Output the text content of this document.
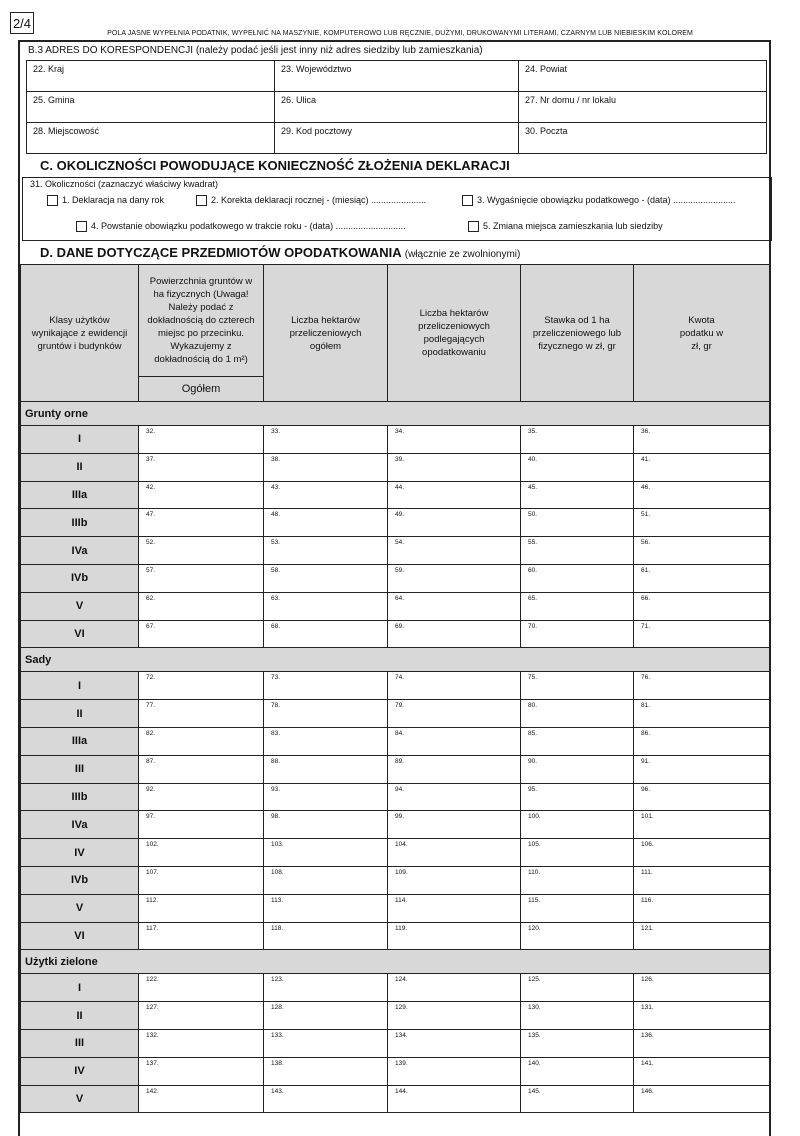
2/4
POLA JASNE WYPEŁNIA PODATNIK, WYPEŁNIĆ NA MASZYNIE, KOMPUTEROWO LUB RĘCZNIE, DUŻYMI, DRUKOWANYMI LITERAMI, CZARNYM LUB NIEBIESKIM KOLOREM
B.3 ADRES DO KORESPONDENCJI (należy podać jeśli jest inny niż adres siedziby lub zamieszkania)
22. Kraj	23. Województwo	24. Powiat
25. Gmina	26. Ulica	27. Nr domu / nr lokalu
28. Miejscowość	29. Kod pocztowy	30. Poczta
C. OKOLICZNOŚCI POWODUJĄCE KONIECZNOŚĆ ZŁOŻENIA DEKLARACJI
31. Okoliczności (zaznaczyć właściwy kwadrat)
1. Deklaracja na dany rok	2. Korekta deklaracji rocznej - (miesiąc) ......................	3. Wygaśnięcie obowiązku podatkowego - (data) .........................
4. Powstanie obowiązku podatkowego w trakcie roku - (data) ............................	5. Zmiana miejsca zamieszkania lub siedziby
D. DANE DOTYCZĄCE PRZEDMIOTÓW OPODATKOWANIA (włącznie ze zwolnionymi)
Klasy użytków wynikające z ewidencji gruntów i budynków	Powierzchnia gruntów w ha fizycznych (Uwaga! Należy podać z dokładnością do czterech miejsc po przecinku. Wykazujemy z dokładnością do 1 m²)	Liczba hektarów przeliczeniowych ogółem	Liczba hektarów przeliczeniowych podlegających opodatkowaniu	Stawka od 1 ha przeliczeniowego lub fizycznego w zł, gr	Kwota podatku w zł, gr
	Ogółem				
Grunty orne					
I	32.	33.	34.	35.	36.
II	37.	38.	39.	40.	41.
IIIa	42.	43.	44.	45.	46.
IIIb	47.	48.	49.	50.	51.
IVa	52.	53.	54.	55.	56.
IVb	57.	58.	59.	60.	61.
V	62.	63.	64.	65.	66.
VI	67.	68.	69.	70.	71.
Sady					
I	72.	73.	74.	75.	76.
II	77.	78.	79.	80.	81.
IIIa	82.	83.	84.	85.	86.
III	87.	88.	89.	90.	91.
IIIb	92.	93.	94.	95.	96.
IVa	97.	98.	99.	100.	101.
IV	102.	103.	104.	105.	106.
IVb	107.	108.	109.	110.	111.
V	112.	113.	114.	115.	116.
VI	117.	118.	119.	120.	121.
Użytki zielone					
I	122.	123.	124.	125.	126.
II	127.	128.	129.	130.	131.
III	132.	133.	134.	135.	136.
IV	137.	138.	139.	140.	141.
V	142.	143.	144.	145.	146.
